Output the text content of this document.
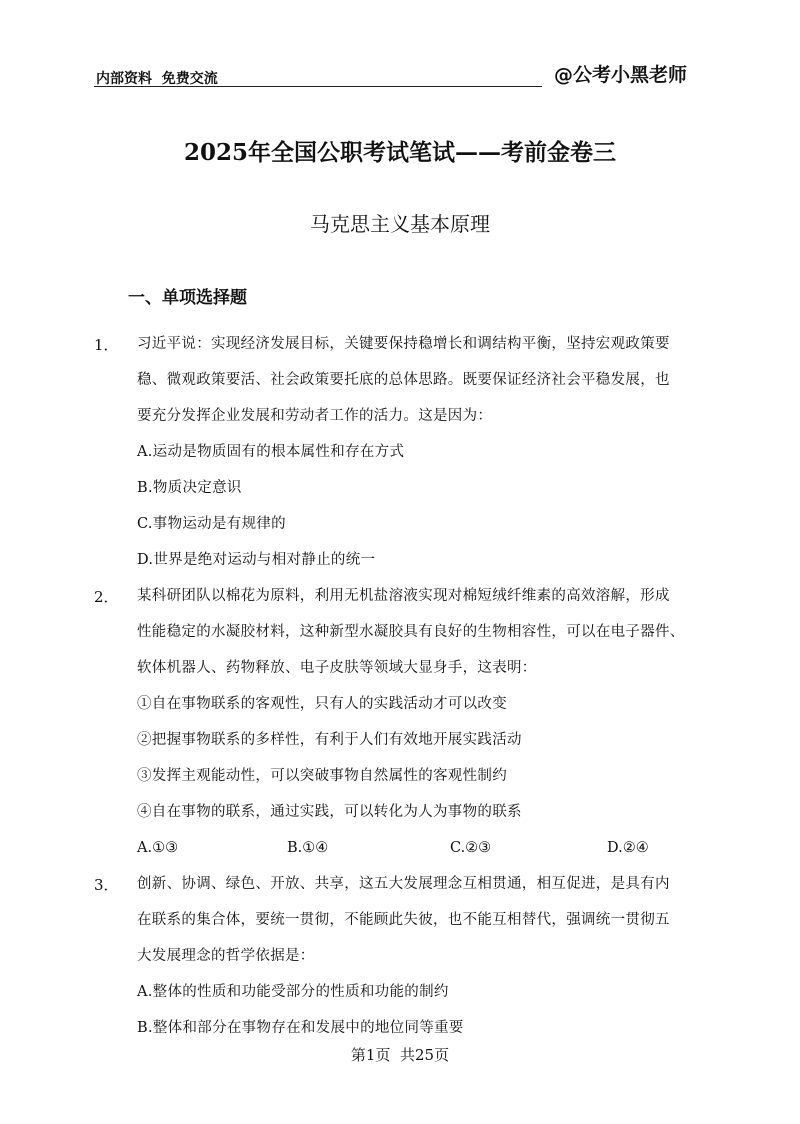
内部资料  免费交流	@公考小黑老师
2025年全国公职考试笔试——考前金卷三
马克思主义基本原理
一、单项选择题
1． 习近平说：实现经济发展目标，关键要保持稳增长和调结构平衡，坚持宏观政策要
稳、微观政策要活、社会政策要托底的总体思路。既要保证经济社会平稳发展，也
要充分发挥企业发展和劳动者工作的活力。这是因为：
A.运动是物质固有的根本属性和存在方式
B.物质决定意识
C.事物运动是有规律的
D.世界是绝对运动与相对静止的统一
2． 某科研团队以棉花为原料，利用无机盐溶液实现对棉短绒纤维素的高效溶解，形成
性能稳定的水凝胶材料，这种新型水凝胶具有良好的生物相容性，可以在电子器件、
软体机器人、药物释放、电子皮肤等领域大显身手，这表明：
①自在事物联系的客观性，只有人的实践活动才可以改变
②把握事物联系的多样性，有利于人们有效地开展实践活动
③发挥主观能动性，可以突破事物自然属性的客观性制约
④自在事物的联系，通过实践，可以转化为人为事物的联系
A.①③	B.①④	C.②③	D.②④
3． 创新、协调、绿色、开放、共享，这五大发展理念互相贯通，相互促进，是具有内
在联系的集合体，要统一贯彻，不能顾此失彼，也不能互相替代，强调统一贯彻五
大发展理念的哲学依据是：
A.整体的性质和功能受部分的性质和功能的制约
B.整体和部分在事物存在和发展中的地位同等重要
第1页  共25页
